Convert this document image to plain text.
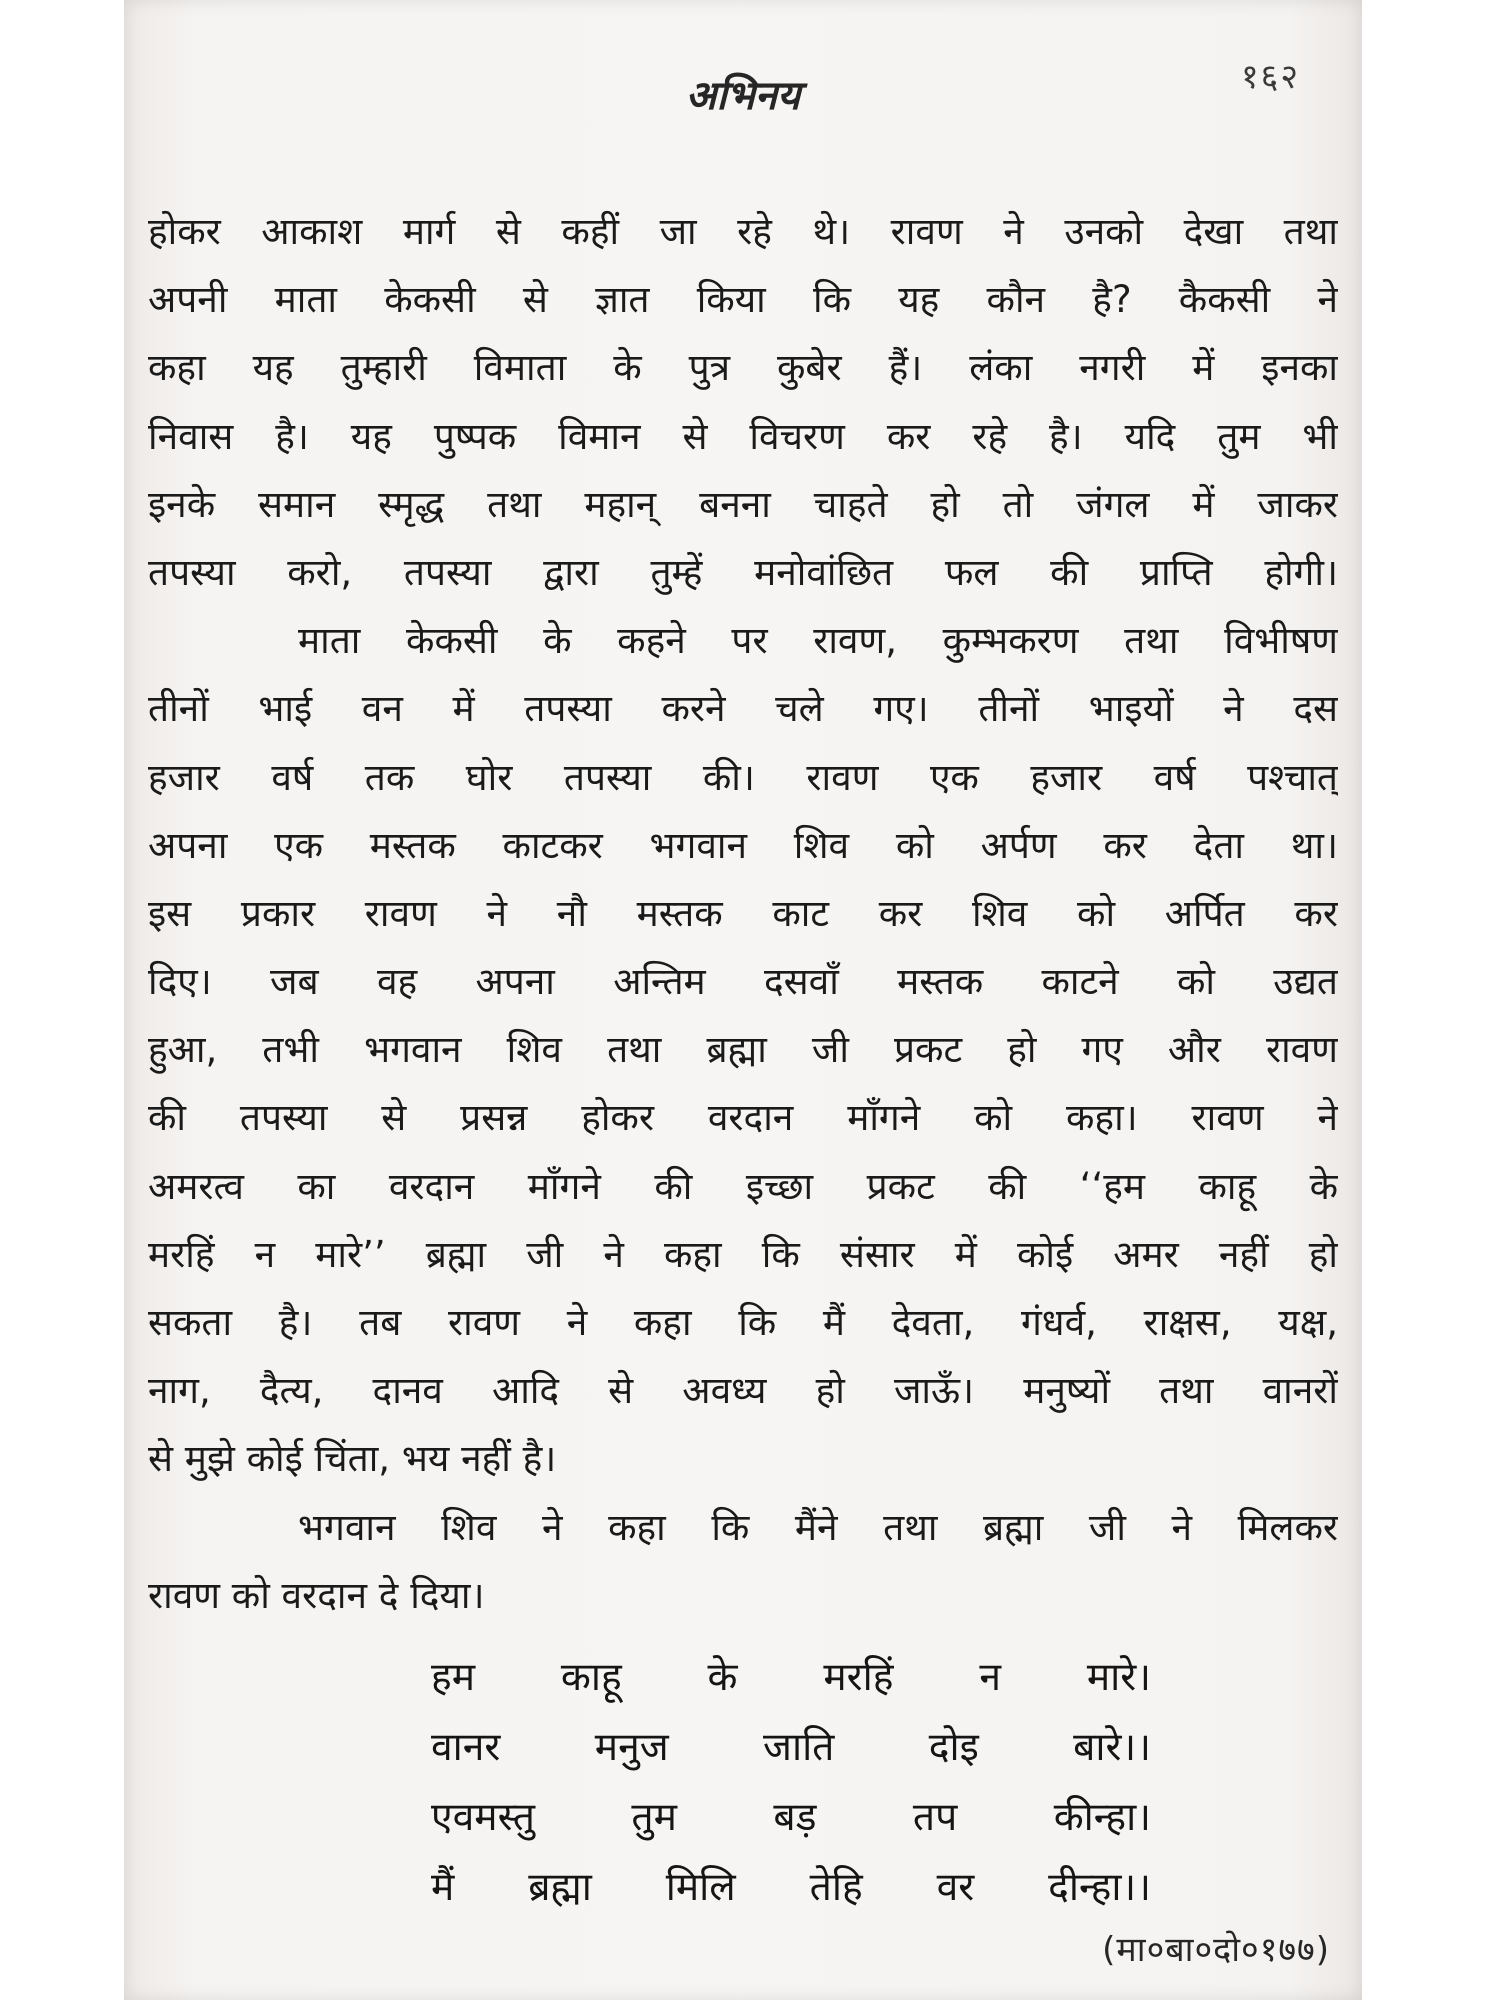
अभिनय	१६२
होकर आकाश मार्ग से कहीं जा रहे थे। रावण ने उनको देखा तथा
अपनी माता केकसी से ज्ञात किया कि यह कौन है? कैकसी ने
कहा यह तुम्हारी विमाता के पुत्र कुबेर हैं। लंका नगरी में इनका
निवास है। यह पुष्पक विमान से विचरण कर रहे है। यदि तुम भी
इनके समान स्मृद्ध तथा महान् बनना चाहते हो तो जंगल में जाकर
तपस्या करो, तपस्या द्वारा तुम्हें मनोवांछित फल की प्राप्ति होगी।
माता केकसी के कहने पर रावण, कुम्भकरण तथा विभीषण
तीनों भाई वन में तपस्या करने चले गए। तीनों भाइयों ने दस
हजार वर्ष तक घोर तपस्या की। रावण एक हजार वर्ष पश्चात्
अपना एक मस्तक काटकर भगवान शिव को अर्पण कर देता था।
इस प्रकार रावण ने नौ मस्तक काट कर शिव को अर्पित कर
दिए। जब वह अपना अन्तिम दसवाँ मस्तक काटने को उद्यत
हुआ, तभी भगवान शिव तथा ब्रह्मा जी प्रकट हो गए और रावण
की तपस्या से प्रसन्न होकर वरदान माँगने को कहा। रावण ने
अमरत्व का वरदान माँगने की इच्छा प्रकट की ‘‘हम काहू के
मरहिं न मारे’’ ब्रह्मा जी ने कहा कि संसार में कोई अमर नहीं हो
सकता है। तब रावण ने कहा कि मैं देवता, गंधर्व, राक्षस, यक्ष,
नाग, दैत्य, दानव आदि से अवध्य हो जाऊँ। मनुष्यों तथा वानरों
से मुझे कोई चिंता, भय नहीं है।
भगवान शिव ने कहा कि मैंने तथा ब्रह्मा जी ने मिलकर
रावण को वरदान दे दिया।
हम काहू के मरहिं न मारे।
वानर मनुज जाति दोइ बारे।।
एवमस्तु तुम बड़ तप कीन्हा।
मैं ब्रह्मा मिलि तेहि वर दीन्हा।।
(मा०बा०दो०१७७)
